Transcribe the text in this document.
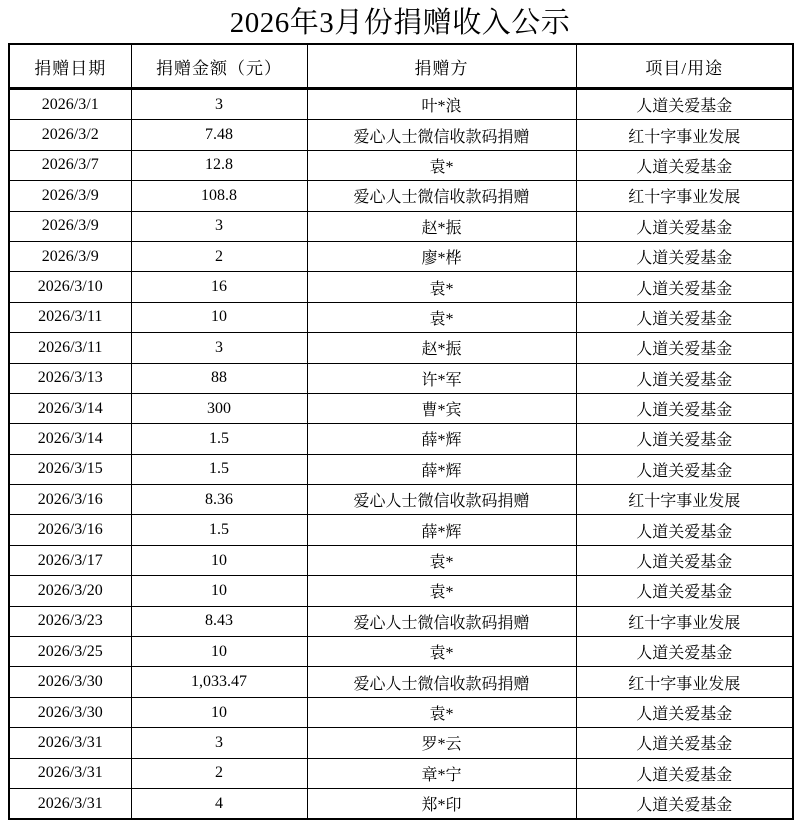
2026年3月份捐赠收入公示
捐赠日期	捐赠金额（元）	捐赠方	项目/用途
2026/3/1	3	叶*浪	人道关爱基金
2026/3/2	7.48	爱心人士微信收款码捐赠	红十字事业发展
2026/3/7	12.8	袁*	人道关爱基金
2026/3/9	108.8	爱心人士微信收款码捐赠	红十字事业发展
2026/3/9	3	赵*振	人道关爱基金
2026/3/9	2	廖*桦	人道关爱基金
2026/3/10	16	袁*	人道关爱基金
2026/3/11	10	袁*	人道关爱基金
2026/3/11	3	赵*振	人道关爱基金
2026/3/13	88	许*军	人道关爱基金
2026/3/14	300	曹*宾	人道关爱基金
2026/3/14	1.5	薛*辉	人道关爱基金
2026/3/15	1.5	薛*辉	人道关爱基金
2026/3/16	8.36	爱心人士微信收款码捐赠	红十字事业发展
2026/3/16	1.5	薛*辉	人道关爱基金
2026/3/17	10	袁*	人道关爱基金
2026/3/20	10	袁*	人道关爱基金
2026/3/23	8.43	爱心人士微信收款码捐赠	红十字事业发展
2026/3/25	10	袁*	人道关爱基金
2026/3/30	1,033.47	爱心人士微信收款码捐赠	红十字事业发展
2026/3/30	10	袁*	人道关爱基金
2026/3/31	3	罗*云	人道关爱基金
2026/3/31	2	章*宁	人道关爱基金
2026/3/31	4	郑*印	人道关爱基金
